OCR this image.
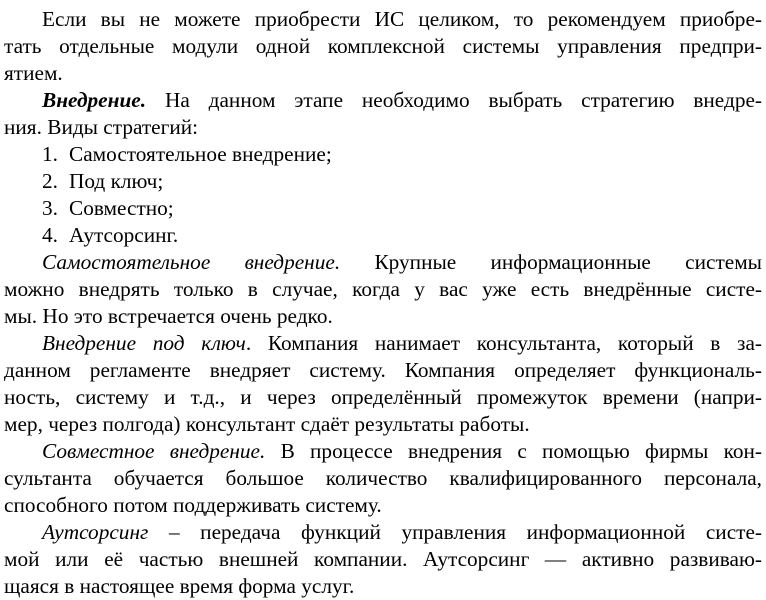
Если вы не можете приобрести ИС целиком, то рекомендуем приобре-
тать отдельные модули одной комплексной системы управления предпри-
ятием.
Внедрение. На данном этапе необходимо выбрать стратегию внедре-
ния. Виды стратегий:
1. Самостоятельное внедрение;
2. Под ключ;
3. Совместно;
4. Аутсорсинг.
Самостоятельное внедрение. Крупные информационные системы
можно внедрять только в случае, когда у вас уже есть внедрённые систе-
мы. Но это встречается очень редко.
Внедрение под ключ. Компания нанимает консультанта, который в за-
данном регламенте внедряет систему. Компания определяет функциональ-
ность, систему и т.д., и через определённый промежуток времени (напри-
мер, через полгода) консультант сдаёт результаты работы.
Совместное внедрение. В процессе внедрения с помощью фирмы кон-
сультанта обучается большое количество квалифицированного персонала,
способного потом поддерживать систему.
Аутсорсинг – передача функций управления информационной систе-
мой или её частью внешней компании. Аутсорсинг — активно развиваю-
щаяся в настоящее время форма услуг.
